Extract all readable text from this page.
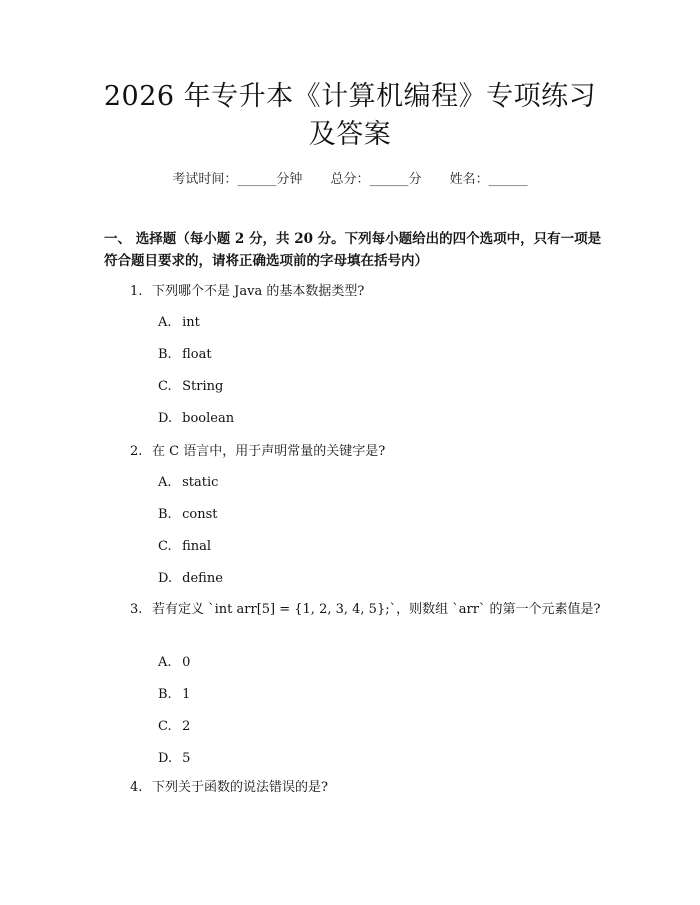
2026 年专升本《计算机编程》专项练习及答案
考试时间：______分钟 总分：______分 姓名：______
一、 选择题（每小题 2 分，共 20 分。下列每小题给出的四个选项中，只有一项是符合题目要求的，请将正确选项前的字母填在括号内）
1. 下列哪个不是 Java 的基本数据类型?
A. int
B. float
C. String
D. boolean
2. 在 C 语言中，用于声明常量的关键字是?
A. static
B. const
C. final
D. define
3. 若有定义 `int arr[5] = {1, 2, 3, 4, 5};`，则数组 `arr` 的第一个元素值是?
A. 0
B. 1
C. 2
D. 5
4. 下列关于函数的说法错误的是?
